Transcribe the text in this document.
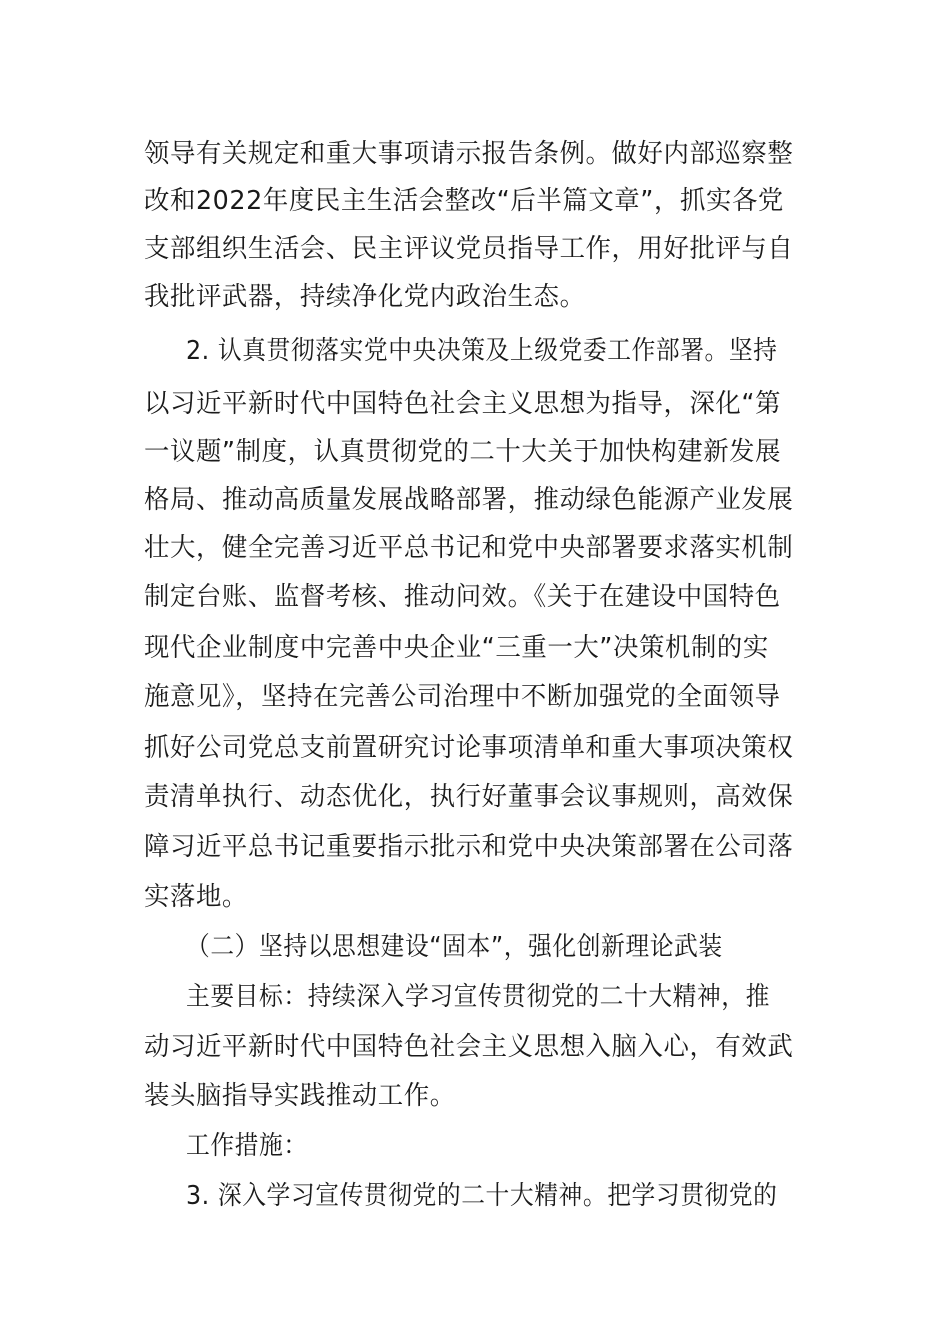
领导有关规定和重大事项请示报告条例。做好内部巡察整
改和2022年度民主生活会整改“后半篇文章”，抓实各党
支部组织生活会、民主评议党员指导工作，用好批评与自
我批评武器，持续净化党内政治生态。
2. 认真贯彻落实党中央决策及上级党委工作部署。坚持
以习近平新时代中国特色社会主义思想为指导，深化“第
一议题”制度，认真贯彻党的二十大关于加快构建新发展
格局、推动高质量发展战略部署，推动绿色能源产业发展
壮大，健全完善习近平总书记和党中央部署要求落实机制
制定台账、监督考核、推动问效。《关于在建设中国特色
现代企业制度中完善中央企业“三重一大”决策机制的实
施意见》，坚持在完善公司治理中不断加强党的全面领导
抓好公司党总支前置研究讨论事项清单和重大事项决策权
责清单执行、动态优化，执行好董事会议事规则，高效保
障习近平总书记重要指示批示和党中央决策部署在公司落
实落地。
（二）坚持以思想建设“固本”，强化创新理论武装
主要目标：持续深入学习宣传贯彻党的二十大精神，推
动习近平新时代中国特色社会主义思想入脑入心，有效武
装头脑指导实践推动工作。
工作措施：
3. 深入学习宣传贯彻党的二十大精神。把学习贯彻党的
